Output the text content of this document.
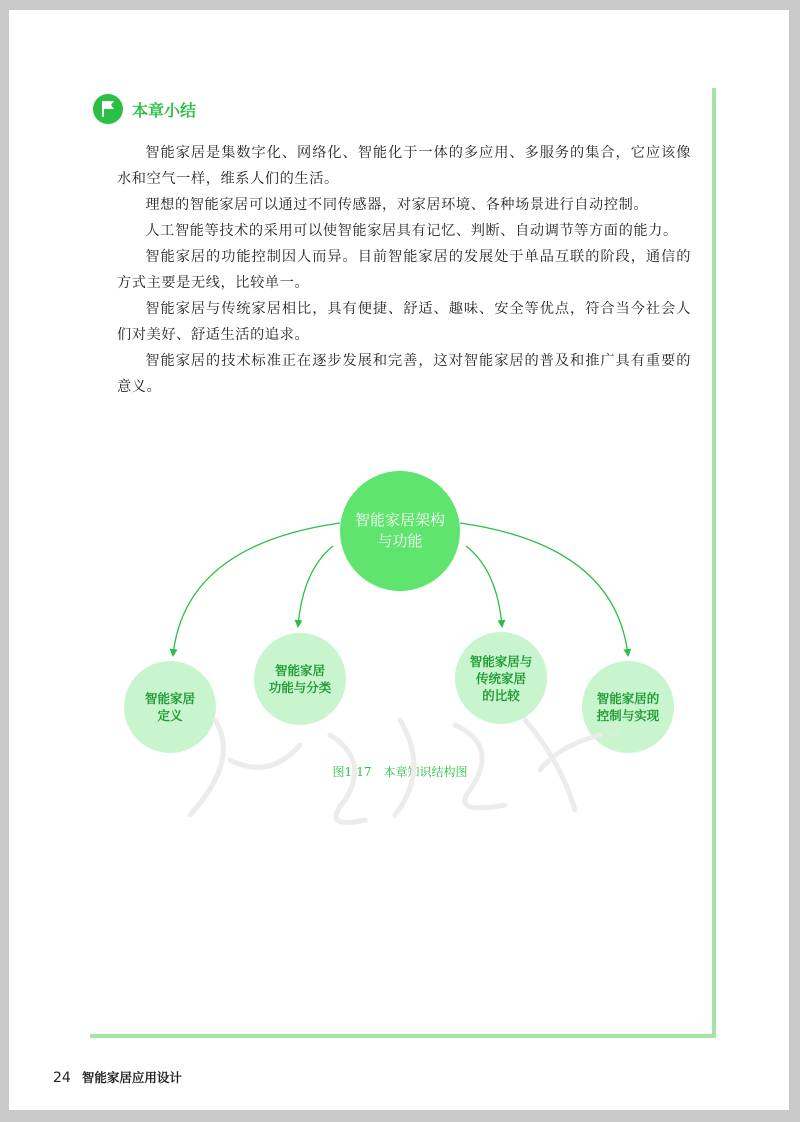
本章小结

智能家居是集数字化、网络化、智能化于一体的多应用、多服务的集合，它应该像水和空气一样，维系人们的生活。

理想的智能家居可以通过不同传感器，对家居环境、各种场景进行自动控制。

人工智能等技术的采用可以使智能家居具有记忆、判断、自动调节等方面的能力。

智能家居的功能控制因人而异。目前智能家居的发展处于单品互联的阶段，通信的方式主要是无线，比较单一。

智能家居与传统家居相比，具有便捷、舒适、趣味、安全等优点，符合当今社会人们对美好、舒适生活的追求。

智能家居的技术标准正在逐步发展和完善，这对智能家居的普及和推广具有重要的意义。

智能家居架构
与功能
智能家居
定义
智能家居
功能与分类
智能家居与
传统家居
的比较	智能家居的
控制与实现
图1-17　本章知识结构图
24 智能家居应用设计
